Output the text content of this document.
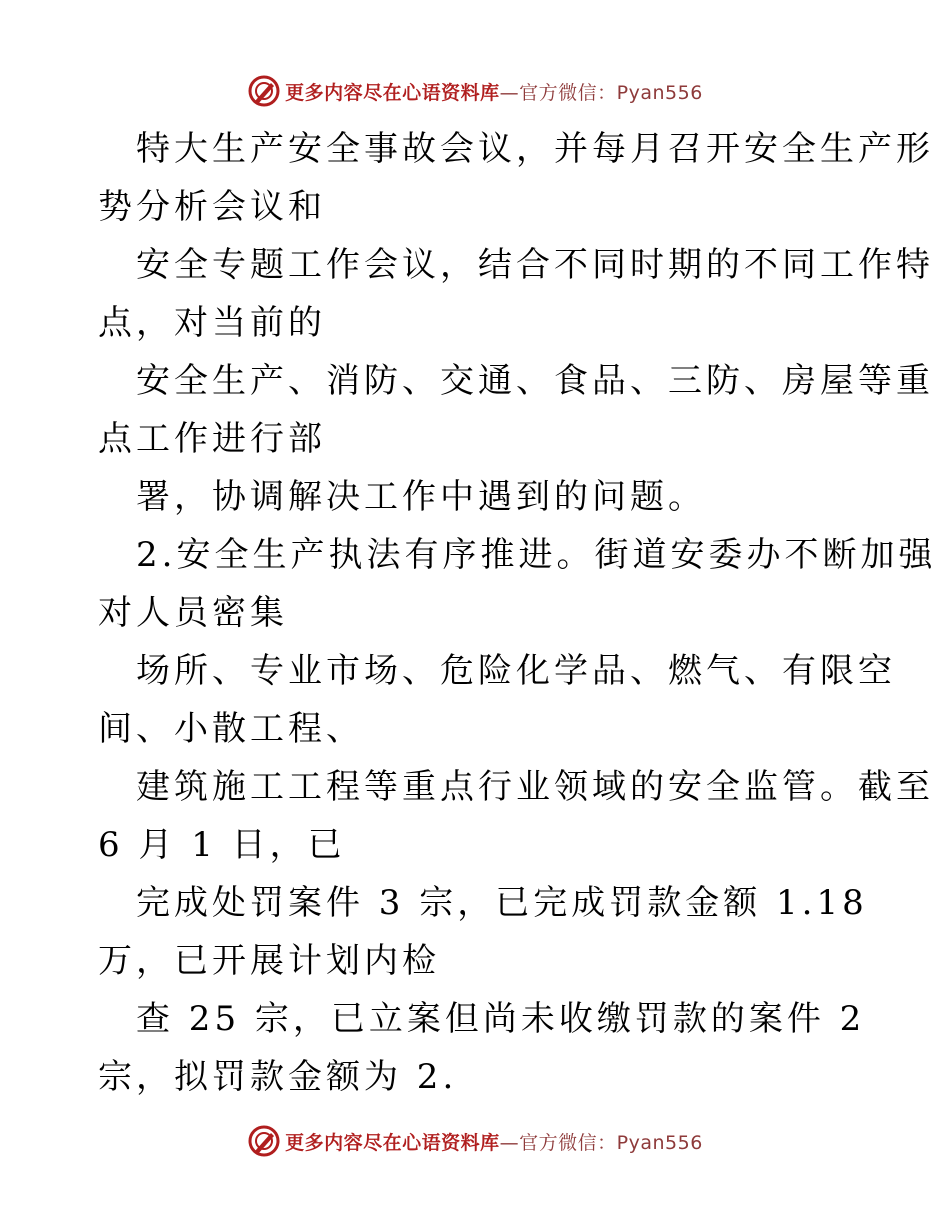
更多内容尽在心语资料库—官方微信：Pyan556
特大生产安全事故会议，并每月召开安全生产形
势分析会议和
安全专题工作会议，结合不同时期的不同工作特
点，对当前的
安全生产、消防、交通、食品、三防、房屋等重
点工作进行部
署，协调解决工作中遇到的问题。
2.安全生产执法有序推进。街道安委办不断加强
对人员密集
场所、专业市场、危险化学品、燃气、有限空
间、小散工程、
建筑施工工程等重点行业领域的安全监管。截至
6 月 1 日，已
完成处罚案件 3 宗，已完成罚款金额 1.18
万，已开展计划内检
查 25 宗，已立案但尚未收缴罚款的案件 2
宗，拟罚款金额为 2.
更多内容尽在心语资料库—官方微信：Pyan556
